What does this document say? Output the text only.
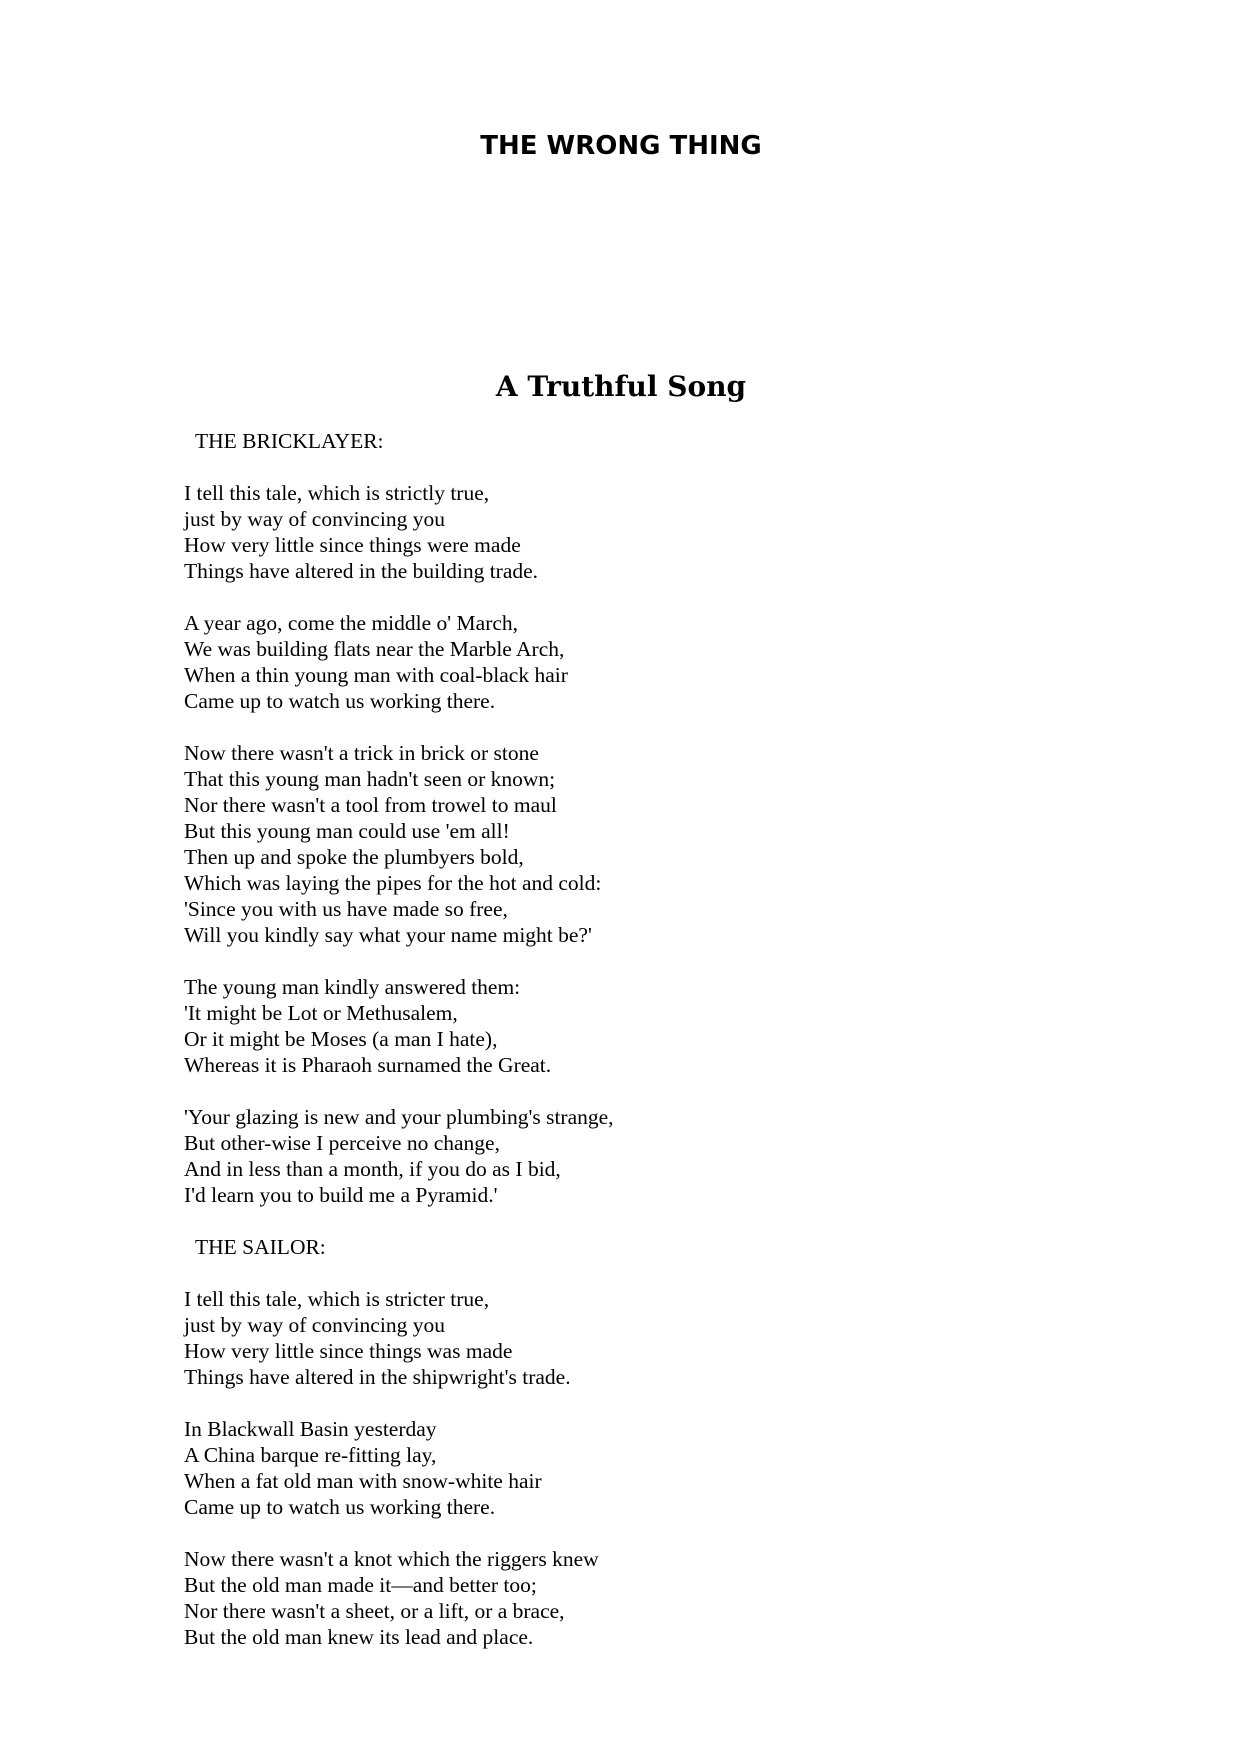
THE WRONG THING
A Truthful Song
THE BRICKLAYER:
I tell this tale, which is strictly true,
just by way of convincing you
How very little since things were made
Things have altered in the building trade.
A year ago, come the middle o' March,
We was building flats near the Marble Arch,
When a thin young man with coal-black hair
Came up to watch us working there.
Now there wasn't a trick in brick or stone
That this young man hadn't seen or known;
Nor there wasn't a tool from trowel to maul
But this young man could use 'em all!
Then up and spoke the plumbyers bold,
Which was laying the pipes for the hot and cold:
'Since you with us have made so free,
Will you kindly say what your name might be?'
The young man kindly answered them:
'It might be Lot or Methusalem,
Or it might be Moses (a man I hate),
Whereas it is Pharaoh surnamed the Great.
'Your glazing is new and your plumbing's strange,
But other-wise I perceive no change,
And in less than a month, if you do as I bid,
I'd learn you to build me a Pyramid.'
THE SAILOR:
I tell this tale, which is stricter true,
just by way of convincing you
How very little since things was made
Things have altered in the shipwright's trade.
In Blackwall Basin yesterday
A China barque re-fitting lay,
When a fat old man with snow-white hair
Came up to watch us working there.
Now there wasn't a knot which the riggers knew
But the old man made it—and better too;
Nor there wasn't a sheet, or a lift, or a brace,
But the old man knew its lead and place.
